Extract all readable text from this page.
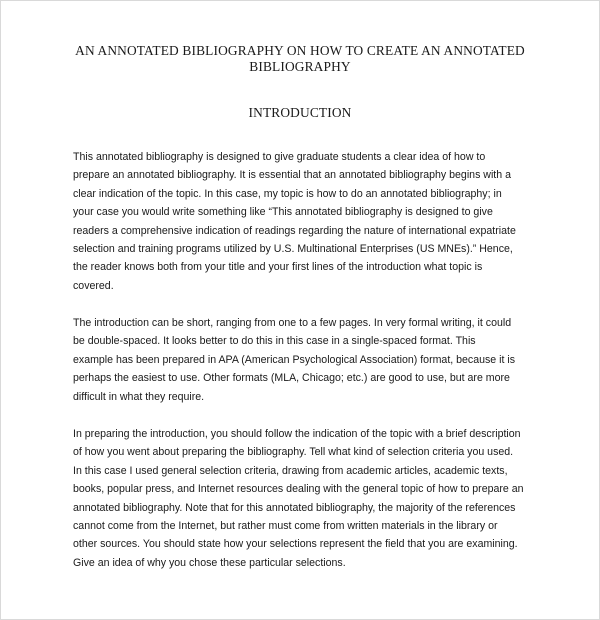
AN ANNOTATED BIBLIOGRAPHY ON HOW TO CREATE AN ANNOTATED
BIBLIOGRAPHY
INTRODUCTION

This annotated bibliography is designed to give graduate students a clear idea of how to
prepare an annotated bibliography. It is essential that an annotated bibliography begins with a
clear indication of the topic. In this case, my topic is how to do an annotated bibliography; in
your case you would write something like “This annotated bibliography is designed to give
readers a comprehensive indication of readings regarding the nature of international expatriate
selection and training programs utilized by U.S. Multinational Enterprises (US MNEs).” Hence,
the reader knows both from your title and your first lines of the introduction what topic is
covered.

The introduction can be short, ranging from one to a few pages. In very formal writing, it could
be double-spaced. It looks better to do this in this case in a single-spaced format. This
example has been prepared in APA (American Psychological Association) format, because it is
perhaps the easiest to use. Other formats (MLA, Chicago; etc.) are good to use, but are more
difficult in what they require.

In preparing the introduction, you should follow the indication of the topic with a brief description
of how you went about preparing the bibliography. Tell what kind of selection criteria you used.
In this case I used general selection criteria, drawing from academic articles, academic texts,
books, popular press, and Internet resources dealing with the general topic of how to prepare an
annotated bibliography. Note that for this annotated bibliography, the majority of the references
cannot come from the Internet, but rather must come from written materials in the library or
other sources. You should state how your selections represent the field that you are examining.
Give an idea of why you chose these particular selections.
